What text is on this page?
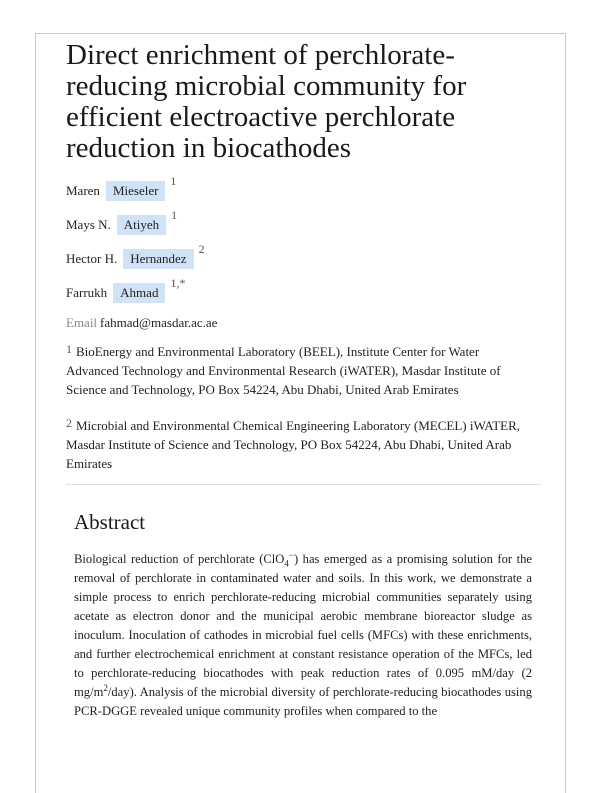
Direct enrichment of perchlorate-reducing microbial community for efficient electroactive perchlorate reduction in biocathodes
Maren	Mieseler
$^1$
Mays N.	Atiyeh
$^1$
Hector H.	Hernandez
$^2$
Farrukh	Ahmad
$^{1,*}$
Email fahmad@masdar.ac.ae

$^1$ BioEnergy and Environmental Laboratory (BEEL), Institute Center for Water Advanced Technology and Environmental Research (iWATER), Masdar Institute of Science and Technology, PO Box 54224, Abu Dhabi, United Arab Emirates

$^2$ Microbial and Environmental Chemical Engineering Laboratory (MECEL) iWATER, Masdar Institute of Science and Technology, PO Box 54224, Abu Dhabi, United Arab Emirates

Abstract

Biological reduction of perchlorate (ClO$_4$−) has emerged as a promising solution for the removal of perchlorate in contaminated water and soils. In this work, we demonstrate a simple process to enrich perchlorate-reducing microbial communities separately using acetate as electron donor and the municipal aerobic membrane bioreactor sludge as inoculum. Inoculation of cathodes in microbial fuel cells (MFCs) with these enrichments, and further electrochemical enrichment at constant resistance operation of the MFCs, led to perchlorate-reducing biocathodes with peak reduction rates of 0.095 mM/day (2 $mg/m^2/day$). Analysis of the microbial diversity of perchlorate-reducing biocathodes using PCR-DGGE revealed unique community profiles when compared to the
